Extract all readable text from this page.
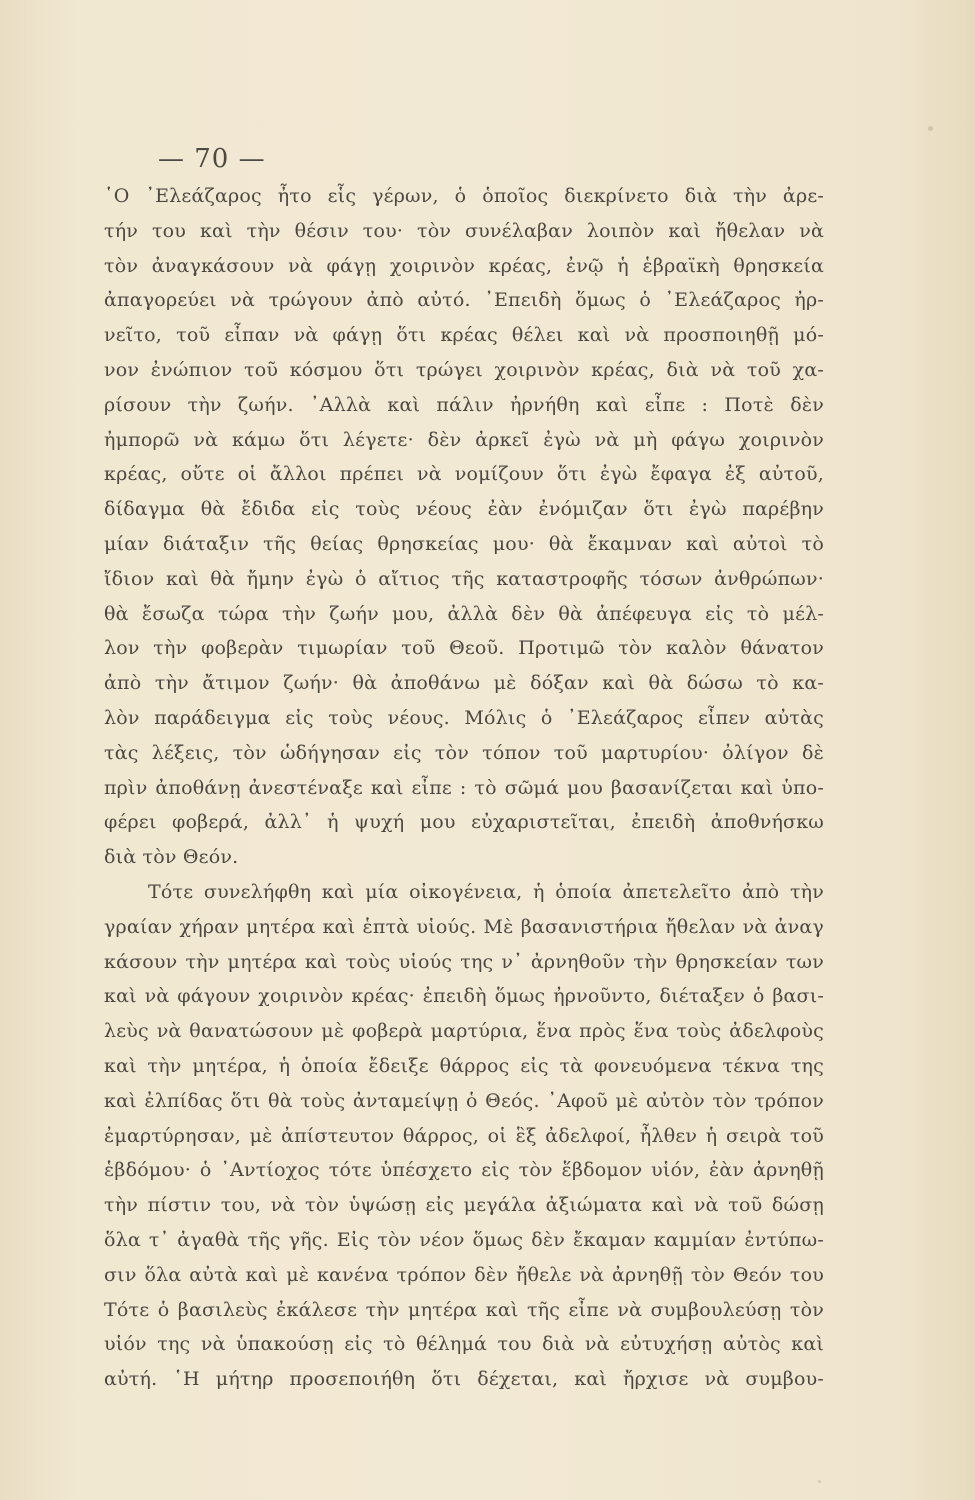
— 70 —

῾Ο ᾿Ελεάζαρος ἦτο εἷς γέρων, ὁ ὁποῖος διεκρίνετο διὰ τὴν ἀρε-
τήν του καὶ τὴν θέσιν του· τὸν συνέλαβαν λοιπὸν καὶ ἤθελαν νὰ
τὸν ἀναγκάσουν νὰ φάγῃ χοιρινὸν κρέας, ἐνῷ ἡ ἑβραϊκὴ θρησκεία
ἀπαγορεύει νὰ τρώγουν ἀπὸ αὐτό. ᾿Επειδὴ ὅμως ὁ ᾿Ελεάζαρος ἠρ-
νεῖτο, τοῦ εἶπαν νὰ φάγῃ ὅτι κρέας θέλει καὶ νὰ προσποιηθῇ μό-
νον ἐνώπιον τοῦ κόσμου ὅτι τρώγει χοιρινὸν κρέας, διὰ νὰ τοῦ χα-
ρίσουν τὴν ζωήν. ᾿Αλλὰ καὶ πάλιν ἠρνήθη καὶ εἶπε : Ποτὲ δὲν
ἠμπορῶ νὰ κάμω ὅτι λέγετε· δὲν ἀρκεῖ ἐγὼ νὰ μὴ φάγω χοιρινὸν
κρέας, οὔτε οἱ ἄλλοι πρέπει νὰ νομίζουν ὅτι ἐγὼ ἔφαγα ἐξ αὐτοῦ,
δίδαγμα θὰ ἔδιδα εἰς τοὺς νέους ἐὰν ἐνόμιζαν ὅτι ἐγὼ παρέβην
μίαν διάταξιν τῆς θείας θρησκείας μου· θὰ ἔκαμναν καὶ αὐτοὶ τὸ
ἴδιον καὶ θὰ ἤμην ἐγὼ ὁ αἴτιος τῆς καταστροφῆς τόσων ἀνθρώπων·
θὰ ἔσωζα τώρα τὴν ζωήν μου, ἀλλὰ δὲν θὰ ἀπέφευγα εἰς τὸ μέλ-
λον τὴν φοβερὰν τιμωρίαν τοῦ Θεοῦ. Προτιμῶ τὸν καλὸν θάνατον
ἀπὸ τὴν ἄτιμον ζωήν· θὰ ἀποθάνω μὲ δόξαν καὶ θὰ δώσω τὸ κα-
λὸν παράδειγμα εἰς τοὺς νέους. Μόλις ὁ ᾿Ελεάζαρος εἶπεν αὐτὰς
τὰς λέξεις, τὸν ὡδήγησαν εἰς τὸν τόπον τοῦ μαρτυρίου· ὀλίγον δὲ
πρὶν ἀποθάνῃ ἀνεστέναξε καὶ εἶπε : τὸ σῶμά μου βασανίζεται καὶ ὑπο-
φέρει φοβερά, ἀλλ᾿ ἡ ψυχή μου εὐχαριστεῖται, ἐπειδὴ ἀποθνήσκω
διὰ τὸν Θεόν.

Τότε συνελήφθη καὶ μία οἰκογένεια, ἡ ὁποία ἀπετελεῖτο ἀπὸ τὴν
γραίαν χήραν μητέρα καὶ ἑπτὰ υἱούς. Μὲ βασανιστήρια ἤθελαν νὰ ἀναγ
κάσουν τὴν μητέρα καὶ τοὺς υἱούς της ν᾿ ἀρνηθοῦν τὴν θρησκείαν των
καὶ νὰ φάγουν χοιρινὸν κρέας· ἐπειδὴ ὅμως ἠρνοῦντο, διέταξεν ὁ βασι-
λεὺς νὰ θανατώσουν μὲ φοβερὰ μαρτύρια, ἕνα πρὸς ἕνα τοὺς ἀδελφοὺς
καὶ τὴν μητέρα, ἡ ὁποία ἔδειξε θάρρος εἰς τὰ φονευόμενα τέκνα της
καὶ ἐλπίδας ὅτι θὰ τοὺς ἀνταμείψῃ ὁ Θεός. ᾿Αφοῦ μὲ αὐτὸν τὸν τρόπον
ἐμαρτύρησαν, μὲ ἀπίστευτον θάρρος, οἱ ἓξ ἀδελφοί, ἦλθεν ἡ σειρὰ τοῦ
ἑβδόμου· ὁ ᾿Αντίοχος τότε ὑπέσχετο εἰς τὸν ἕβδομον υἱόν, ἐὰν ἀρνηθῇ
τὴν πίστιν του, νὰ τὸν ὑψώσῃ εἰς μεγάλα ἀξιώματα καὶ νὰ τοῦ δώσῃ
ὅλα τ᾿ ἀγαθὰ τῆς γῆς. Εἰς τὸν νέον ὅμως δὲν ἔκαμαν καμμίαν ἐντύπω-
σιν ὅλα αὐτὰ καὶ μὲ κανένα τρόπον δὲν ἤθελε νὰ ἀρνηθῇ τὸν Θεόν του
Τότε ὁ βασιλεὺς ἐκάλεσε τὴν μητέρα καὶ τῆς εἶπε νὰ συμβουλεύσῃ τὸν
υἱόν της νὰ ὑπακούσῃ εἰς τὸ θέλημά του διὰ νὰ εὐτυχήσῃ αὐτὸς καὶ
αὐτή. ῾Η μήτηρ προσεποιήθη ὅτι δέχεται, καὶ ἤρχισε νὰ συμβου-
